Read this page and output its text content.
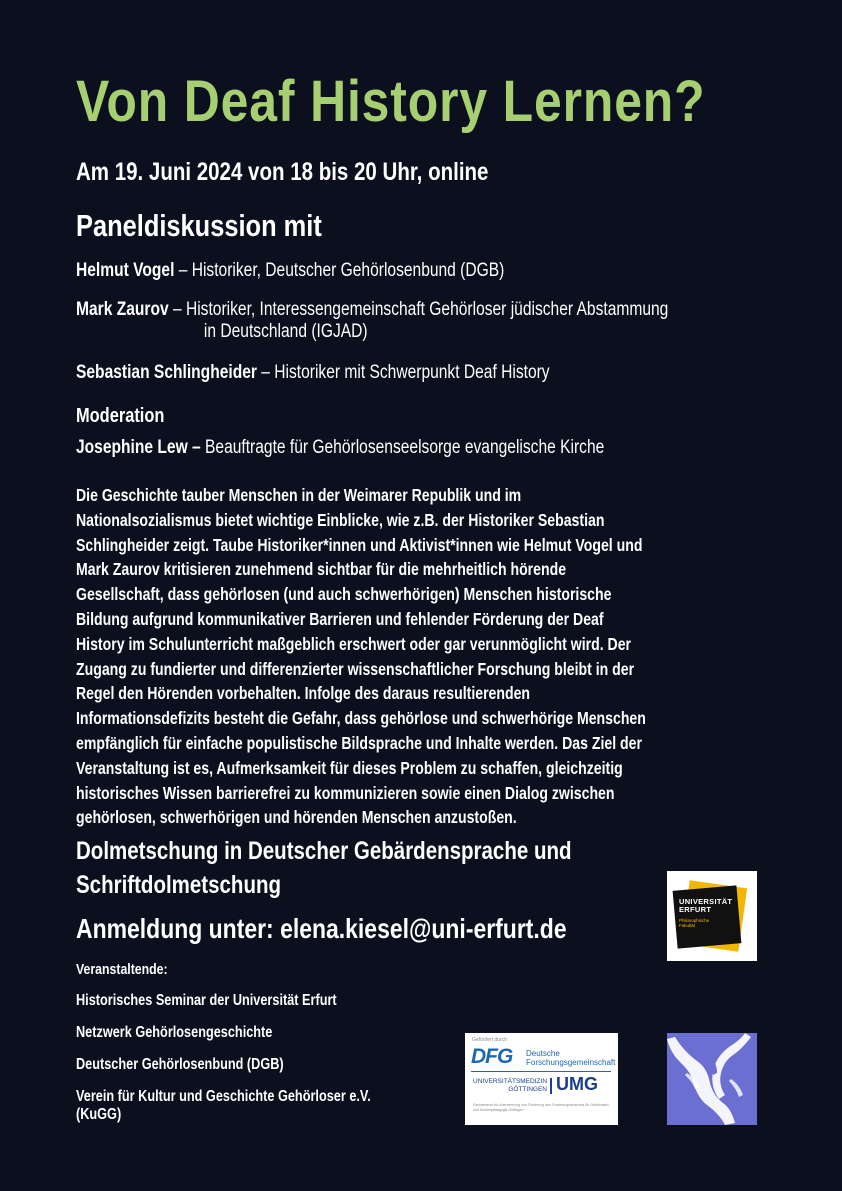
Von Deaf History Lernen?
Am 19. Juni 2024 von 18 bis 20 Uhr, online
Paneldiskussion mit
Helmut Vogel – Historiker, Deutscher Gehörlosenbund (DGB)
Mark Zaurov – Historiker, Interessengemeinschaft Gehörloser jüdischer Abstammung
in Deutschland (IGJAD)
Sebastian Schlingheider – Historiker mit Schwerpunkt Deaf History
Moderation
Josephine Lew – Beauftragte für Gehörlosenseelsorge evangelische Kirche
Die Geschichte tauber Menschen in der Weimarer Republik und im
Nationalsozialismus bietet wichtige Einblicke, wie z.B. der Historiker Sebastian
Schlingheider zeigt. Taube Historiker*innen und Aktivist*innen wie Helmut Vogel und
Mark Zaurov kritisieren zunehmend sichtbar für die mehrheitlich hörende
Gesellschaft, dass gehörlosen (und auch schwerhörigen) Menschen historische
Bildung aufgrund kommunikativer Barrieren und fehlender Förderung der Deaf
History im Schulunterricht maßgeblich erschwert oder gar verunmöglicht wird. Der
Zugang zu fundierter und differenzierter wissenschaftlicher Forschung bleibt in der
Regel den Hörenden vorbehalten. Infolge des daraus resultierenden
Informationsdefizits besteht die Gefahr, dass gehörlose und schwerhörige Menschen
empfänglich für einfache populistische Bildsprache und Inhalte werden. Das Ziel der
Veranstaltung ist es, Aufmerksamkeit für dieses Problem zu schaffen, gleichzeitig
historisches Wissen barrierefrei zu kommunizieren sowie einen Dialog zwischen
gehörlosen, schwerhörigen und hörenden Menschen anzustoßen.
Dolmetschung in Deutscher Gebärdensprache und
Schriftdolmetschung
Anmeldung unter: elena.kiesel@uni-erfurt.de
Veranstaltende:
Historisches Seminar der Universität Erfurt
Netzwerk Gehörlosengeschichte
Deutscher Gehörlosenbund (DGB)
Verein für Kultur und Geschichte Gehörloser e.V.
(KuGG)
UNIVERSITÄT
ERFURT
Philosophische
Fakultät
Gefördert durch
DFG Deutsche
Forschungsgemeinschaft
UNIVERSITÄTSMEDIZIN
GÖTTINGEN UMG
Fachzentrum für Anerkennung und Förderung des Forschungszentrums für Gehörlosen- und Sonderpädagogik Göttingen
